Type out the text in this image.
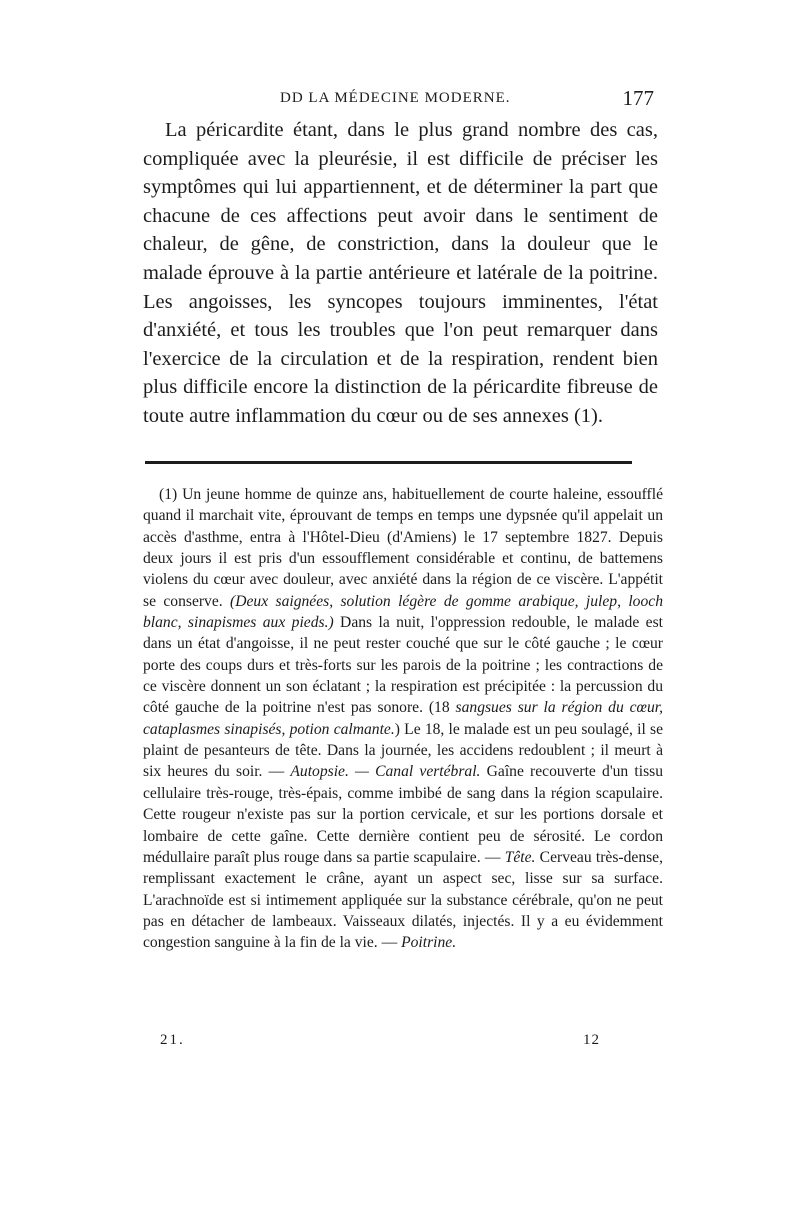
DD LA MÉDECINE MODERNE.	177

La péricardite étant, dans le plus grand nombre des cas, compliquée avec la pleurésie, il est difficile de préciser les symptômes qui lui appartiennent, et de déterminer la part que chacune de ces affections peut avoir dans le sentiment de chaleur, de gêne, de constriction, dans la douleur que le malade éprouve à la partie antérieure et latérale de la poitrine. Les angoisses, les syncopes toujours imminentes, l'état d'anxiété, et tous les troubles que l'on peut remarquer dans l'exercice de la circulation et de la respiration, rendent bien plus difficile encore la distinction de la péricardite fibreuse de toute autre inflammation du cœur ou de ses annexes (1).

(1) Un jeune homme de quinze ans, habituellement de courte haleine, essoufflé quand il marchait vite, éprouvant de temps en temps une dypsnée qu'il appelait un accès d'asthme, entra à l'Hôtel-Dieu (d'Amiens) le 17 septembre 1827. Depuis deux jours il est pris d'un essoufflement considérable et continu, de battemens violens du cœur avec douleur, avec anxiété dans la région de ce viscère. L'appétit se conserve. (Deux saignées, solution légère de gomme arabique, julep, looch blanc, sinapismes aux pieds.) Dans la nuit, l'oppression redouble, le malade est dans un état d'angoisse, il ne peut rester couché que sur le côté gauche ; le cœur porte des coups durs et très-forts sur les parois de la poitrine ; les contractions de ce viscère donnent un son éclatant ; la respiration est précipitée : la percussion du côté gauche de la poitrine n'est pas sonore. (18 sangsues sur la région du cœur, cataplasmes sinapisés, potion calmante.) Le 18, le malade est un peu soulagé, il se plaint de pesanteurs de tête. Dans la journée, les accidens redoublent ; il meurt à six heures du soir. — Autopsie. — Canal vertébral. Gaîne recouverte d'un tissu cellulaire très-rouge, très-épais, comme imbibé de sang dans la région scapulaire. Cette rougeur n'existe pas sur la portion cervicale, et sur les portions dorsale et lombaire de cette gaîne. Cette dernière contient peu de sérosité. Le cordon médullaire paraît plus rouge dans sa partie scapulaire. — Tête. Cerveau très-dense, remplissant exactement le crâne, ayant un aspect sec, lisse sur sa surface. L'arachnoïde est si intimement appliquée sur la substance cérébrale, qu'on ne peut pas en détacher de lambeaux. Vaisseaux dilatés, injectés. Il y a eu évidemment congestion sanguine à la fin de la vie. — Poitrine.

21.	12
